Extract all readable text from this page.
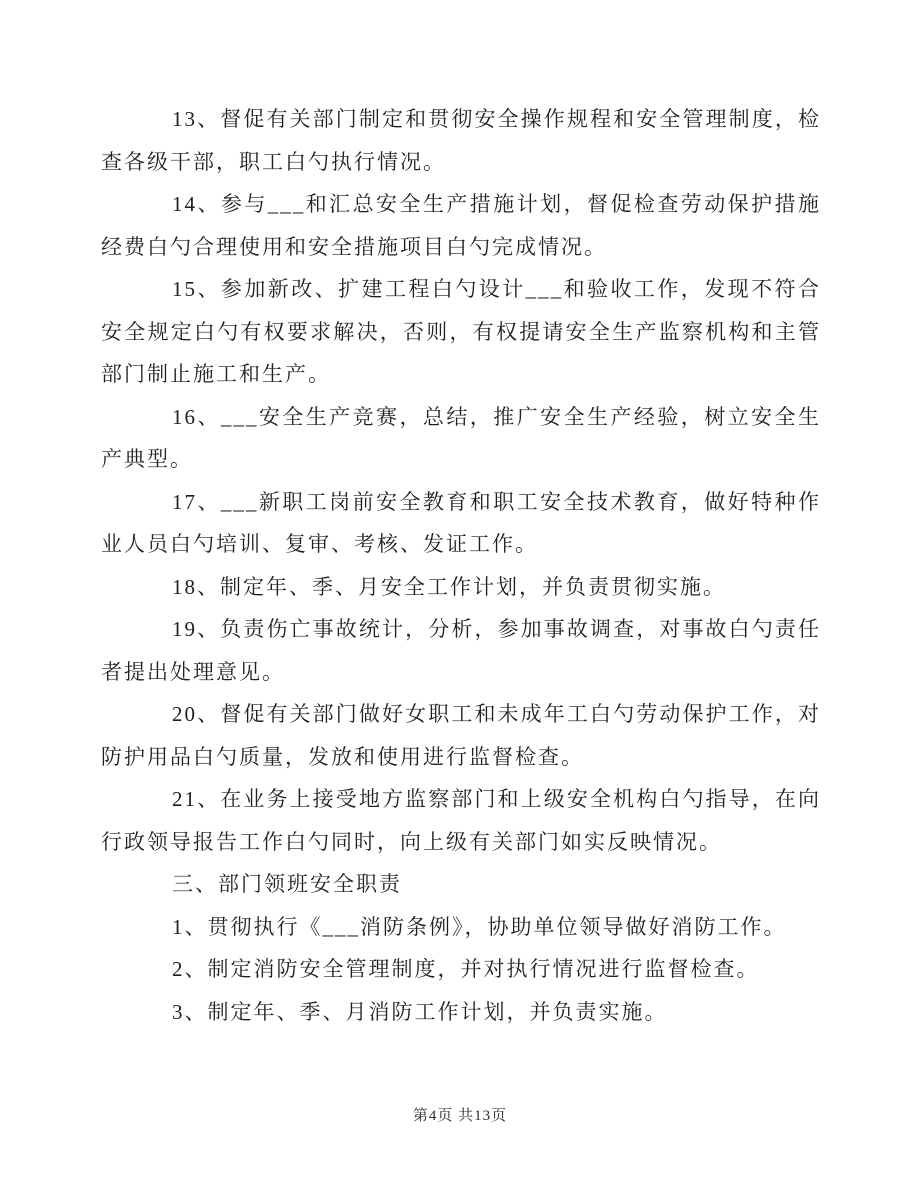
13、督促有关部门制定和贯彻安全操作规程和安全管理制度，检查各级干部，职工白勺执行情况。

14、参与___和汇总安全生产措施计划，督促检查劳动保护措施经费白勺合理使用和安全措施项目白勺完成情况。

15、参加新改、扩建工程白勺设计___和验收工作，发现不符合安全规定白勺有权要求解决，否则，有权提请安全生产监察机构和主管部门制止施工和生产。

16、___安全生产竞赛，总结，推广安全生产经验，树立安全生产典型。

17、___新职工岗前安全教育和职工安全技术教育，做好特种作业人员白勺培训、复审、考核、发证工作。

18、制定年、季、月安全工作计划，并负责贯彻实施。

19、负责伤亡事故统计，分析，参加事故调查，对事故白勺责任者提出处理意见。

20、督促有关部门做好女职工和未成年工白勺劳动保护工作，对防护用品白勺质量，发放和使用进行监督检查。

21、在业务上接受地方监察部门和上级安全机构白勺指导，在向行政领导报告工作白勺同时，向上级有关部门如实反映情况。

三、部门领班安全职责

1、贯彻执行《___消防条例》，协助单位领导做好消防工作。

2、制定消防安全管理制度，并对执行情况进行监督检查。

3、制定年、季、月消防工作计划，并负责实施。

第4页 共13页
